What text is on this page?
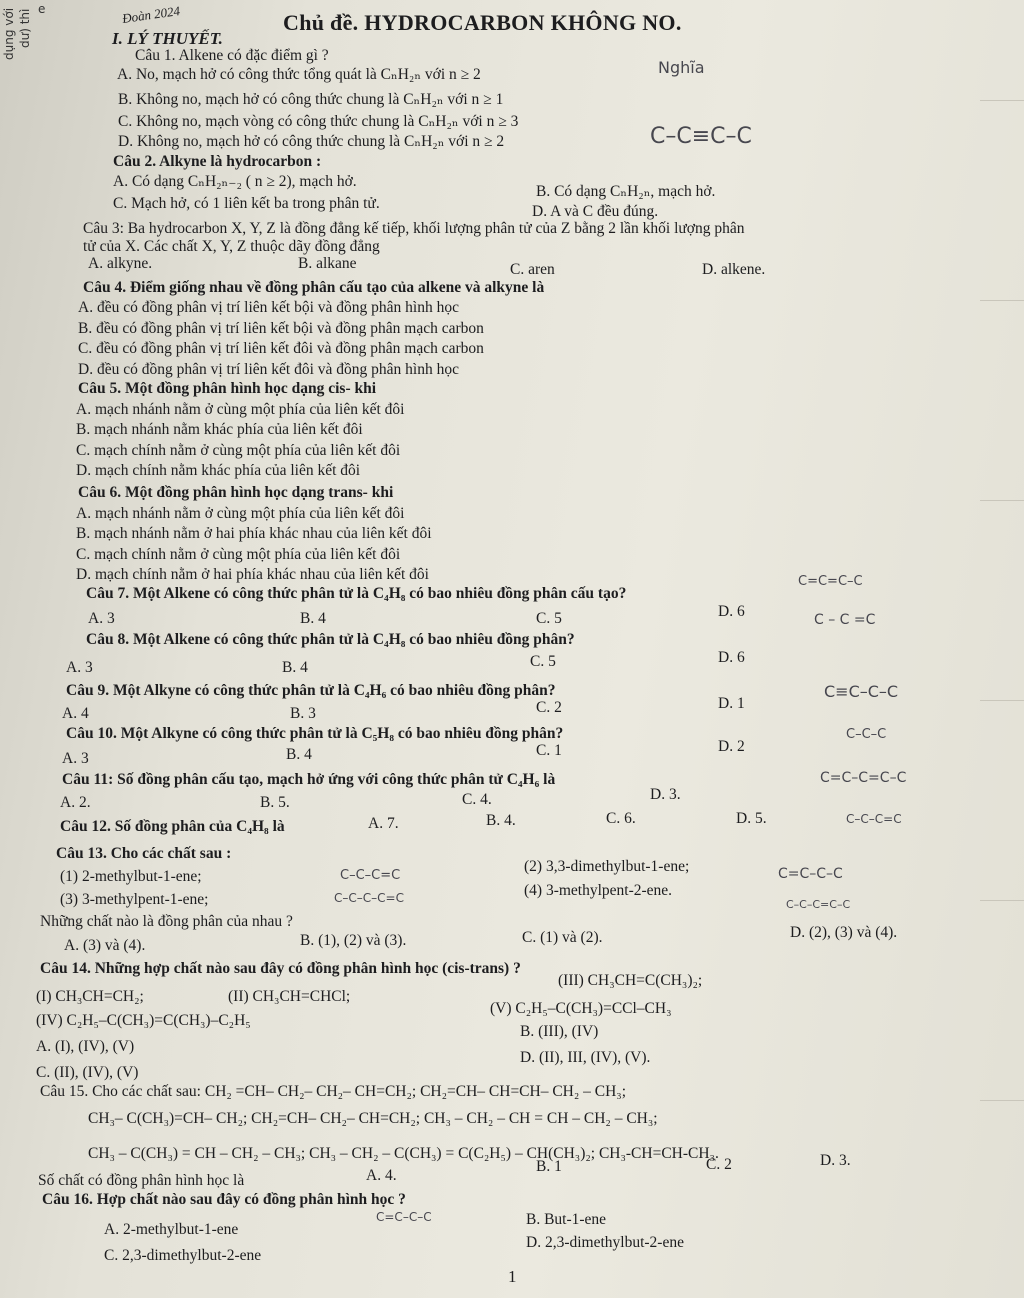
dụng với dư) thì e	Đoàn 2024	Chủ đề. HYDROCARBON KHÔNG NO.
I. LÝ THUYẾT.
Câu 1. Alkene có đặc điểm gì ?
A. No, mạch hở có công thức tổng quát là CₙH₂ₙ với n ≥ 2
B. Không no, mạch hở có công thức chung là CₙH₂ₙ với n ≥ 1
C. Không no, mạch vòng có công thức chung là CₙH₂ₙ với n ≥ 3
D. Không no, mạch hở có công thức chung là CₙH₂ₙ với n ≥ 2
Câu 2. Alkyne là hydrocarbon :
A. Có dạng CₙH₂ₙ₋₂ ( n ≥ 2), mạch hở.
B. Có dạng CₙH₂ₙ, mạch hở.
C. Mạch hở, có 1 liên kết ba trong phân tử.	D. A và C đều đúng.
Câu 3: Ba hydrocarbon X, Y, Z là đồng đẳng kế tiếp, khối lượng phân tử của Z bằng 2 lần khối lượng phân
tử của X. Các chất X, Y, Z thuộc dãy đồng đẳng
A. alkyne.	B. alkane	C. aren	D. alkene.
Câu 4. Điểm giống nhau về đồng phân cấu tạo của alkene và alkyne là
A. đều có đồng phân vị trí liên kết bội và đồng phân hình học
B. đều có đồng phân vị trí liên kết bội và đồng phân mạch carbon
C. đều có đồng phân vị trí liên kết đôi và đồng phân mạch carbon
D. đều có đồng phân vị trí liên kết đôi và đồng phân hình học
Câu 5. Một đồng phân hình học dạng cis- khi
A. mạch nhánh nằm ở cùng một phía của liên kết đôi
B. mạch nhánh nằm khác phía của liên kết đôi
C. mạch chính nằm ở cùng một phía của liên kết đôi
D. mạch chính nằm khác phía của liên kết đôi
Câu 6. Một đồng phân hình học dạng trans- khi
A. mạch nhánh nằm ở cùng một phía của liên kết đôi
B. mạch nhánh nằm ở hai phía khác nhau của liên kết đôi
C. mạch chính nằm ở cùng một phía của liên kết đôi
D. mạch chính nằm ở hai phía khác nhau của liên kết đôi
Câu 7. Một Alkene có công thức phân tử là C₄H₈ có bao nhiêu đồng phân cấu tạo?
A. 3	B. 4	C. 5	D. 6
Câu 8. Một Alkene có công thức phân tử là C₄H₈ có bao nhiêu đồng phân?
A. 3	B. 4	C. 5	D. 6
Câu 9. Một Alkyne có công thức phân tử là C₄H₆ có bao nhiêu đồng phân?
A. 4	B. 3	C. 2	D. 1
Câu 10. Một Alkyne có công thức phân tử là C₅H₈ có bao nhiêu đồng phân?
A. 3	B. 4	C. 1	D. 2
Câu 11: Số đồng phân cấu tạo, mạch hở ứng với công thức phân tử C₄H₆ là
A. 2.	B. 5.	C. 4.	D. 3.
Câu 12. Số đồng phân của C₄H₈ là	A. 7.	B. 4.	C. 6.	D. 5.
Câu 13. Cho các chất sau :
(1) 2-methylbut-1-ene;
(2) 3,3-dimethylbut-1-ene;
(3) 3-methylpent-1-ene;
(4) 3-methylpent-2-ene.
Những chất nào là đồng phân của nhau ?
A. (3) và (4).	B. (1), (2) và (3).	C. (1) và (2).	D. (2), (3) và (4).
Câu 14. Những hợp chất nào sau đây có đồng phân hình học (cis-trans) ?
(I) CH₃CH=CH₂;	(II) CH₃CH=CHCl;
(III) CH₃CH=C(CH₃)₂;
(IV) C₂H₅–C(CH₃)=C(CH₃)–C₂H₅
(V) C₂H₅–C(CH₃)=CCl–CH₃
A. (I), (IV), (V)
B. (III), (IV)
C. (II), (IV), (V)
D. (II), III, (IV), (V).
Câu 15. Cho các chất sau: CH₂ =CH– CH₂– CH₂– CH=CH₂; CH₂=CH– CH=CH– CH₂ – CH₃;
CH₃– C(CH₃)=CH– CH₂; CH₂=CH– CH₂– CH=CH₂; CH₃ – CH₂ – CH = CH – CH₂ – CH₃;
CH₃ – C(CH₃) = CH – CH₂ – CH₃; CH₃ – CH₂ – C(CH₃) = C(C₂H₅) – CH(CH₃)₂; CH₃-CH=CH-CH₃.
Số chất có đồng phân hình học là	A. 4.
B. 1	C. 2	D. 3.
Câu 16. Hợp chất nào sau đây có đồng phân hình học ?
A. 2-methylbut-1-ene
B. But-1-ene
C. 2,3-dimethylbut-2-ene
D. 2,3-dimethylbut-2-ene
1
Nghĩa
C–C≡C–C
C=C=C–C
C – C =C
C≡C–C–C
C–C–C
C=C–C=C–C
C–C–C=C
C=C–C–C
C–C–C=C–C
C–C–C=C
C–C–C–C=C
C=C–C–C
